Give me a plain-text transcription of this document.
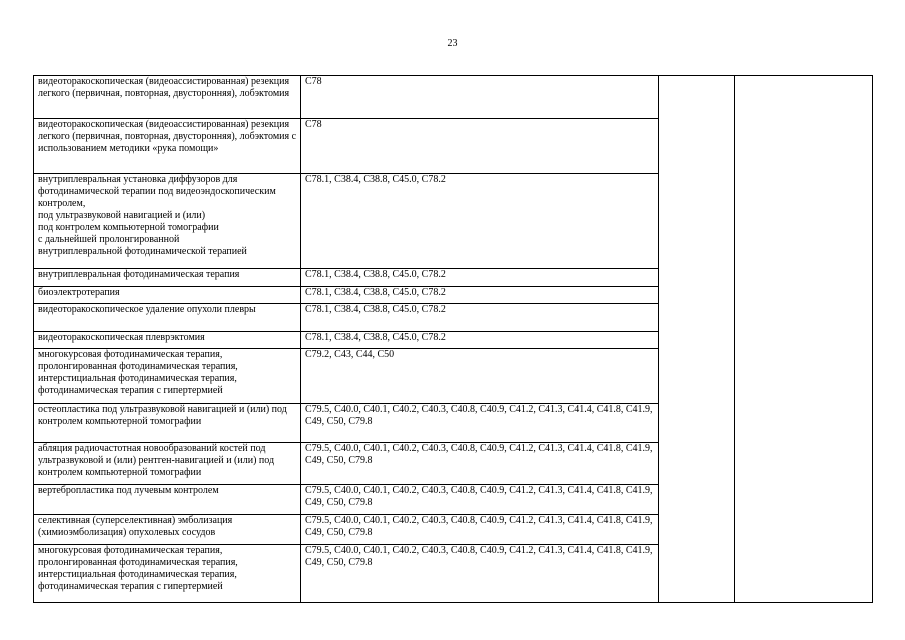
23
видеоторакоскопическая (видеоассистированная) резекция легкого (первичная, повторная, двусторонняя), лобэктомия	C78		
видеоторакоскопическая (видеоассистированная) резекция легкого (первичная, повторная, двусторонняя), лобэктомия с использованием методики «рука помощи»	C78		
внутриплевральная установка диффузоров для фотодинамической терапии под видеоэндоскопическим контролем,
под ультразвуковой навигацией и (или)
под контролем компьютерной томографии
с дальнейшей пролонгированной
внутриплевральной фотодинамической терапией	C78.1, C38.4, C38.8, C45.0, C78.2		
внутриплевральная фотодинамическая терапия	C78.1, C38.4, C38.8, C45.0, C78.2		
биоэлектротерапия	C78.1, C38.4, C38.8, C45.0, C78.2		
видеоторакоскопическое удаление опухоли плевры	C78.1, C38.4, C38.8, C45.0, C78.2		
видеоторакоскопическая плеврэктомия	C78.1, C38.4, C38.8, C45.0, C78.2		
многокурсовая фотодинамическая терапия,
пролонгированная фотодинамическая терапия,
интерстициальная фотодинамическая терапия,
фотодинамическая терапия с гипертермией	C79.2, C43, C44, C50		
остеопластика под ультразвуковой навигацией и (или) под контролем компьютерной томографии	C79.5, C40.0, C40.1, C40.2, C40.3, C40.8, C40.9, C41.2, C41.3, C41.4, C41.8, C41.9, C49, C50, C79.8		
абляция радиочастотная новообразований костей под ультразвуковой и (или) рентген-навигацией и (или) под контролем компьютерной томографии	C79.5, C40.0, C40.1, C40.2, C40.3, C40.8, C40.9, C41.2, C41.3, C41.4, C41.8, C41.9, C49, C50, C79.8		
вертебропластика под лучевым контролем	C79.5, C40.0, C40.1, C40.2, C40.3, C40.8, C40.9, C41.2, C41.3, C41.4, C41.8, C41.9, C49, C50, C79.8		
селективная (суперселективная) эмболизация (химиоэмболизация) опухолевых сосудов	C79.5, C40.0, C40.1, C40.2, C40.3, C40.8, C40.9, C41.2, C41.3, C41.4, C41.8, C41.9, C49, C50, C79.8		
многокурсовая фотодинамическая терапия,
пролонгированная фотодинамическая терапия,
интерстициальная фотодинамическая терапия,
фотодинамическая терапия с гипертермией	C79.5, C40.0, C40.1, C40.2, C40.3, C40.8, C40.9, C41.2, C41.3, C41.4, C41.8, C41.9, C49, C50, C79.8		
